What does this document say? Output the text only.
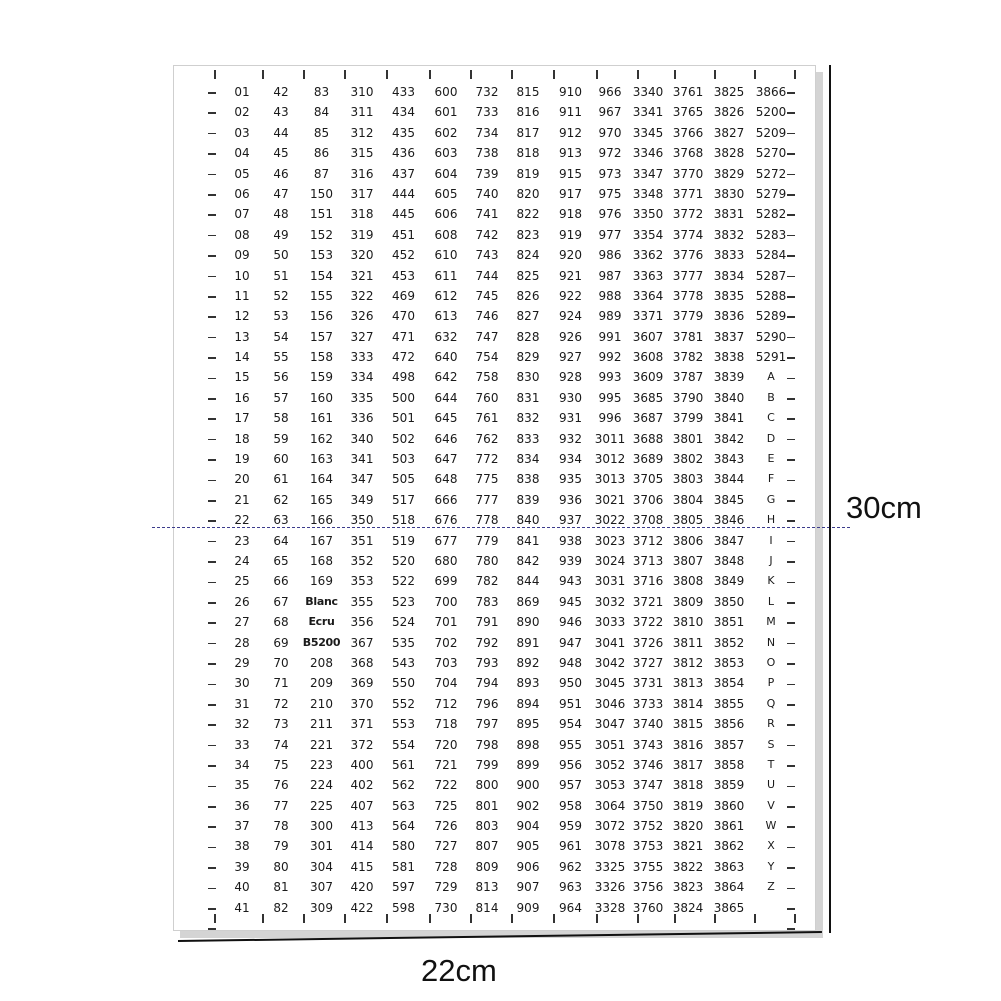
01	42	83	310	433	600	732	815	910	966 3340 3761 3825 3866
02	43	84	311	434	601	733	816	911	967 3341 3765 3826 5200
03	44	85	312	435	602	734	817	912	970 3345 3766 3827 5209
04	45	86	315	436	603	738	818	913	972 3346 3768 3828 5270
05	46	87	316	437	604	739	819	915	973 3347 3770 3829 5272
06	47	150	317	444	605	740	820	917	975 3348 3771 3830 5279
07	48	151	318	445	606	741	822	918	976 3350 3772 3831 5282
08	49	152	319	451	608	742	823	919	977 3354 3774 3832 5283
09	50	153	320	452	610	743	824	920	986 3362 3776 3833 5284
10	51	154	321	453	611	744	825	921	987 3363 3777 3834 5287
11	52	155	322	469	612	745	826	922	988 3364 3778 3835 5288
12	53	156	326	470	613	746	827	924	989 3371 3779 3836 5289
13	54	157	327	471	632	747	828	926	991 3607 3781 3837 5290
14	55	158	333	472	640	754	829	927	992 3608 3782 3838 5291
15	56	159	334	498	642	758	830	928	993 3609 3787 3839	A
16	57	160	335	500	644	760	831	930	995 3685 3790 3840	B
17	58	161	336	501	645	761	832	931	996 3687 3799 3841	C
18	59	162	340	502	646	762	833	932	3011 3688 3801 3842	D
19	60	163	341	503	647	772	834	934	3012 3689 3802 3843	E
20	61	164	347	505	648	775	838	935	3013 3705 3803 3844	F
21	62	165	349	517	666	777	839	936	3021 3706 3804 3845	G
22	63	166	350	518	676	778	840	937	3022 3708 3805 3846	H
23	64	167	351	519	677	779	841	938	3023 3712 3806 3847	I
24	65	168	352	520	680	780	842	939	3024 3713 3807 3848	J
25	66	169	353	522	699	782	844	943	3031 3716 3808 3849	K
26	67	Blanc	355	523	700	783	869	945	3032 3721 3809 3850	L
27	68	Ecru	356	524	701	791	890	946	3033 3722 3810 3851	M
28	69	B5200 367	535	702	792	891	947	3041 3726 3811 3852	N
29	70	208	368	543	703	793	892	948	3042 3727 3812 3853	O
30	71	209	369	550	704	794	893	950	3045 3731 3813 3854	P
31	72	210	370	552	712	796	894	951	3046 3733 3814 3855	Q
32	73	211	371	553	718	797	895	954	3047 3740 3815 3856	R
33	74	221	372	554	720	798	898	955	3051 3743 3816 3857	S
34	75	223	400	561	721	799	899	956	3052 3746 3817 3858	T
35	76	224	402	562	722	800	900	957	3053 3747 3818 3859	U
36	77	225	407	563	725	801	902	958	3064 3750 3819 3860	V
37	78	300	413	564	726	803	904	959	3072 3752 3820 3861	W
38	79	301	414	580	727	807	905	961	3078 3753 3821 3862	X
39	80	304	415	581	728	809	906	962	3325 3755 3822 3863	Y
40	81	307	420	597	729	813	907	963	3326 3756 3823 3864	Z
41	82	309	422	598	730	814	909	964	3328 3760 3824 3865
30cm
22cm
